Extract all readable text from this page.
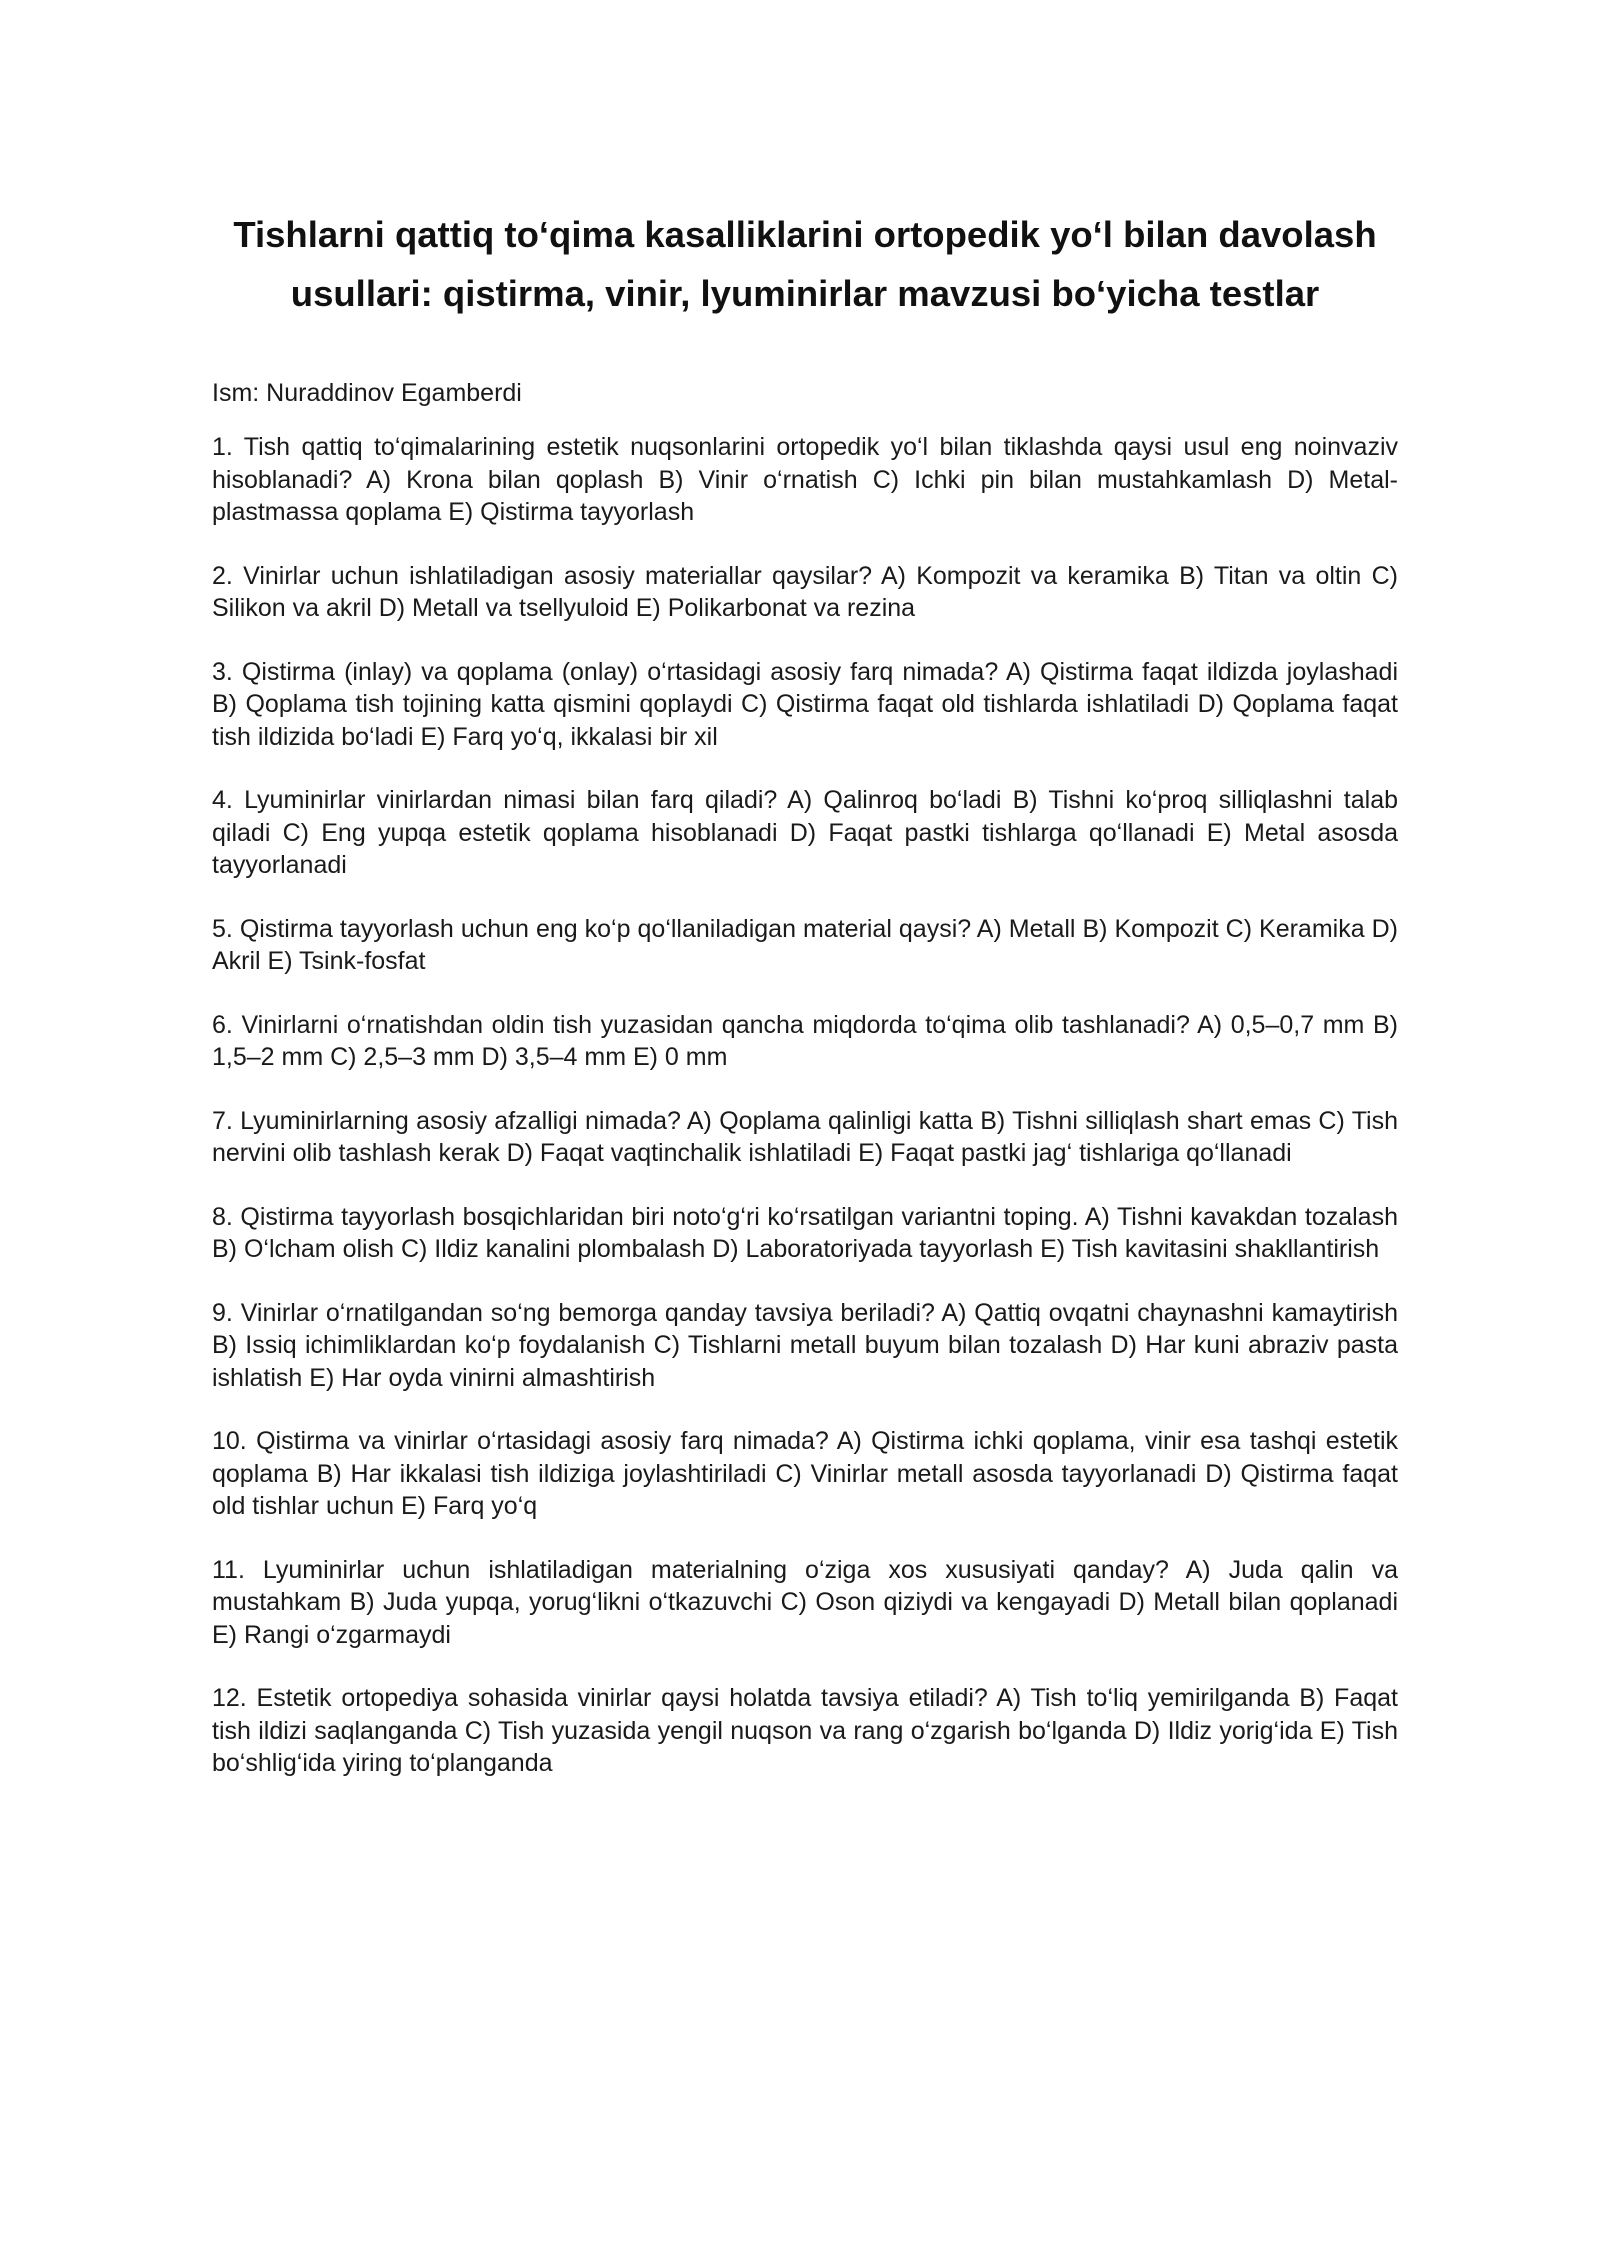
Tishlarni qattiq to‘qima kasalliklarini ortopedik yo‘l bilan davolash usullari: qistirma, vinir, lyuminirlar mavzusi bo‘yicha testlar

Ism: Nuraddinov Egamberdi

1. Tish qattiq to‘qimalarining estetik nuqsonlarini ortopedik yo‘l bilan tiklashda qaysi usul eng noinvaziv hisoblanadi? A) Krona bilan qoplash B) Vinir o‘rnatish C) Ichki pin bilan mustahkamlash D) Metal-plastmassa qoplama E) Qistirma tayyorlash
2. Vinirlar uchun ishlatiladigan asosiy materiallar qaysilar? A) Kompozit va keramika B) Titan va oltin C) Silikon va akril D) Metall va tsellyuloid E) Polikarbonat va rezina
3. Qistirma (inlay) va qoplama (onlay) o‘rtasidagi asosiy farq nimada? A) Qistirma faqat ildizda joylashadi B) Qoplama tish tojining katta qismini qoplaydi C) Qistirma faqat old tishlarda ishlatiladi D) Qoplama faqat tish ildizida bo‘ladi E) Farq yo‘q, ikkalasi bir xil
4. Lyuminirlar vinirlardan nimasi bilan farq qiladi? A) Qalinroq bo‘ladi B) Tishni ko‘proq silliqlashni talab qiladi C) Eng yupqa estetik qoplama hisoblanadi D) Faqat pastki tishlarga qo‘llanadi E) Metal asosda tayyorlanadi
5. Qistirma tayyorlash uchun eng ko‘p qo‘llaniladigan material qaysi? A) Metall B) Kompozit C) Keramika D) Akril E) Tsink-fosfat
6. Vinirlarni o‘rnatishdan oldin tish yuzasidan qancha miqdorda to‘qima olib tashlanadi? A) 0,5–0,7 mm B) 1,5–2 mm C) 2,5–3 mm D) 3,5–4 mm E) 0 mm
7. Lyuminirlarning asosiy afzalligi nimada? A) Qoplama qalinligi katta B) Tishni silliqlash shart emas C) Tish nervini olib tashlash kerak D) Faqat vaqtinchalik ishlatiladi E) Faqat pastki jag‘ tishlariga qo‘llanadi
8. Qistirma tayyorlash bosqichlaridan biri noto‘g‘ri ko‘rsatilgan variantni toping. A) Tishni kavakdan tozalash B) O‘lcham olish C) Ildiz kanalini plombalash D) Laboratoriyada tayyorlash E) Tish kavitasini shakllantirish
9. Vinirlar o‘rnatilgandan so‘ng bemorga qanday tavsiya beriladi? A) Qattiq ovqatni chaynashni kamaytirish B) Issiq ichimliklardan ko‘p foydalanish C) Tishlarni metall buyum bilan tozalash D) Har kuni abraziv pasta ishlatish E) Har oyda vinirni almashtirish
10. Qistirma va vinirlar o‘rtasidagi asosiy farq nimada? A) Qistirma ichki qoplama, vinir esa tashqi estetik qoplama B) Har ikkalasi tish ildiziga joylashtiriladi C) Vinirlar metall asosda tayyorlanadi D) Qistirma faqat old tishlar uchun E) Farq yo‘q
11. Lyuminirlar uchun ishlatiladigan materialning o‘ziga xos xususiyati qanday? A) Juda qalin va mustahkam B) Juda yupqa, yorug‘likni o‘tkazuvchi C) Oson qiziydi va kengayadi D) Metall bilan qoplanadi E) Rangi o‘zgarmaydi
12. Estetik ortopediya sohasida vinirlar qaysi holatda tavsiya etiladi? A) Tish to‘liq yemirilganda B) Faqat tish ildizi saqlanganda C) Tish yuzasida yengil nuqson va rang o‘zgarish bo‘lganda D) Ildiz yorig‘ida E) Tish bo‘shlig‘ida yiring to‘planganda
